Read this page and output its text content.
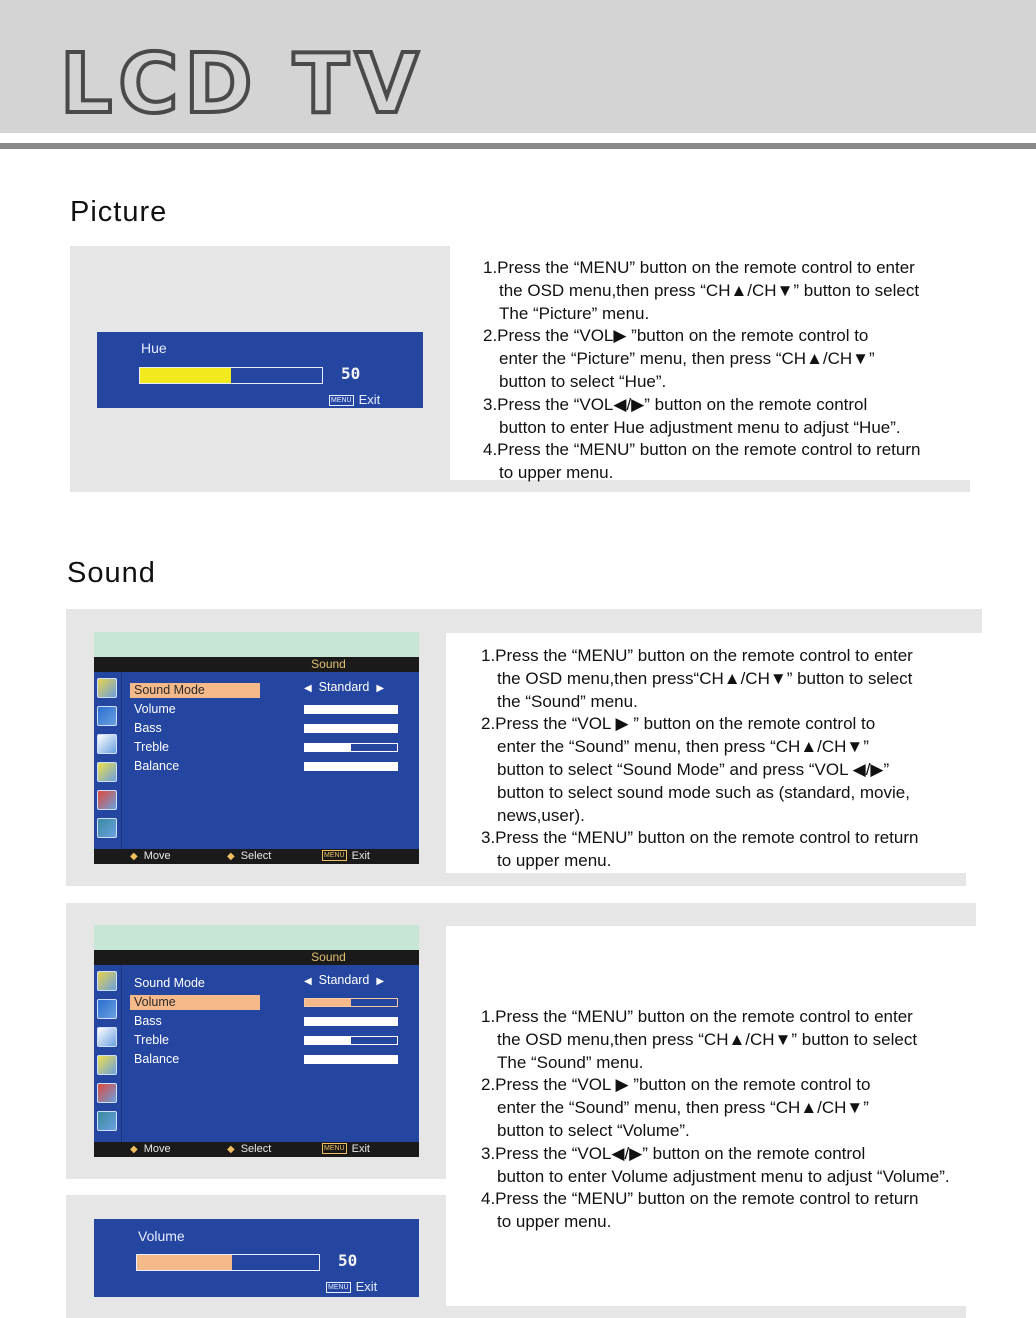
LCD TV
Picture
Hue
50
MENU Exit

1.Press the “MENU” button on the remote control to enter

the OSD menu,then press “CH▲/CH▼” button to select

The “Picture” menu.

2.Press the “VOL▶ ”button on the remote control to

enter the “Picture” menu, then press “CH▲/CH▼”

button to select “Hue”.

3.Press the “VOL◀/▶” button on the remote control

button to enter Hue adjustment menu to adjust “Hue”.

4.Press the “MENU” button on the remote control to return

to upper menu.

Sound
Sound
Sound Mode
Volume
Bass
Treble
Balance
◀ Standard ▶
◆ Move	◆ Select	MENU Exit

1.Press the “MENU” button on the remote control to enter

the OSD menu,then press“CH▲/CH▼” button to select

the “Sound” menu.

2.Press the “VOL ▶ ” button on the remote control to

enter the “Sound” menu, then press “CH▲/CH▼”

button to select “Sound Mode” and press “VOL ◀/▶”

button to select sound mode such as (standard, movie,

news,user).

3.Press the “MENU” button on the remote control to return

to upper menu.

Sound
Sound Mode
Volume
Bass
Treble
Balance
◀ Standard ▶
◆ Move	◆ Select	MENU Exit
Volume
50
MENU Exit

1.Press the “MENU” button on the remote control to enter

the OSD menu,then press “CH▲/CH▼” button to select

The “Sound” menu.

2.Press the “VOL ▶ ”button on the remote control to

enter the “Sound” menu, then press “CH▲/CH▼”

button to select “Volume”.

3.Press the “VOL◀/▶” button on the remote control

button to enter Volume adjustment menu to adjust “Volume”.

4.Press the “MENU” button on the remote control to return

to upper menu.
